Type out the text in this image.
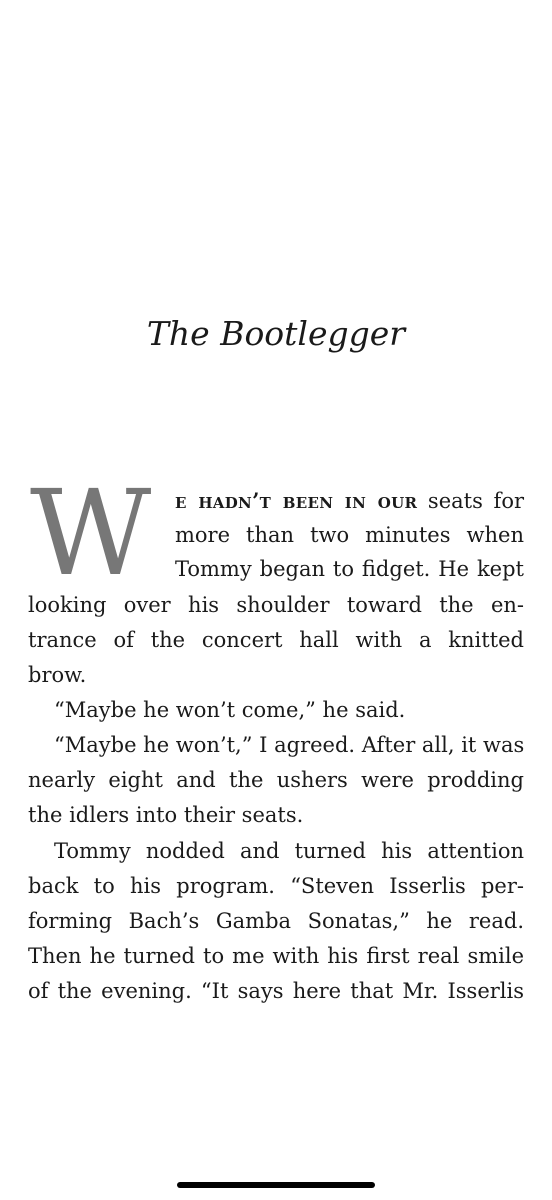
The Bootlegger
W e hadn’t been in our seats for
more than two minutes when
Tommy began to fidget. He kept
looking over his shoulder toward the en-
trance of the concert hall with a knitted
brow.
“Maybe he won’t come,” he said.
“Maybe he won’t,” I agreed. After all, it was
nearly eight and the ushers were prodding
the idlers into their seats.
Tommy nodded and turned his attention
back to his program. “Steven Isserlis per-
forming Bach’s Gamba Sonatas,” he read.
Then he turned to me with his first real smile
of the evening. “It says here that Mr. Isserlis
